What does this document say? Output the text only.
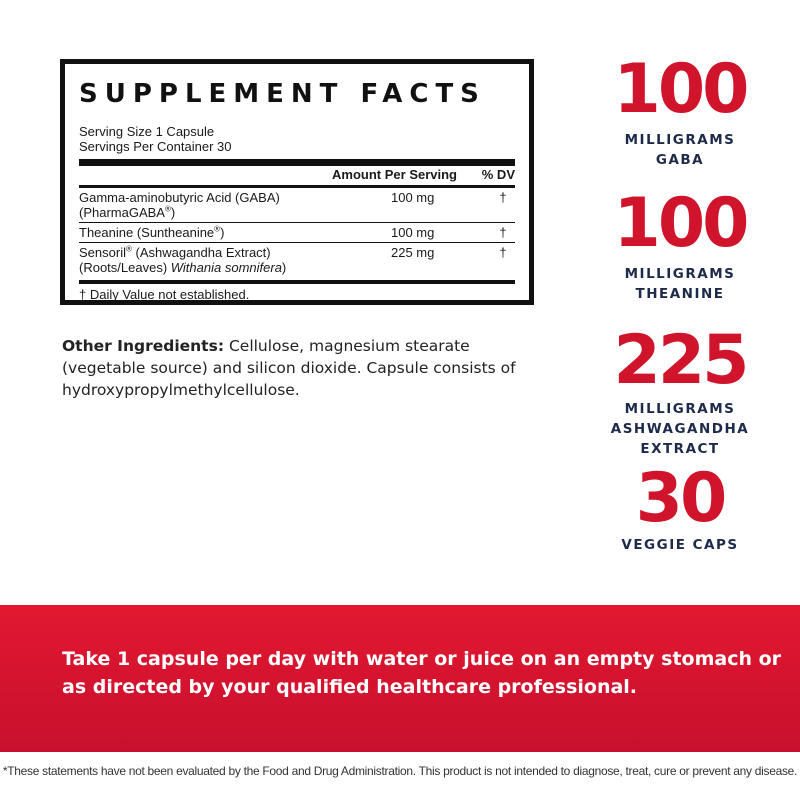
SUPPLEMENT FACTS
Serving Size 1 Capsule
Servings Per Container 30
Amount Per Serving	% DV
Gamma-aminobutyric Acid (GABA)
(PharmaGABA®)
100 mg	†
Theanine (Suntheanine®)	100 mg	†
Sensoril® (Ashwagandha Extract)
(Roots/Leaves) Withania somnifera)
225 mg	†
† Daily Value not established.
Other Ingredients: Cellulose, magnesium stearate (vegetable source) and silicon dioxide. Capsule consists of hydroxypropylmethylcellulose.
100
MILLIGRAMS
GABA
100
MILLIGRAMS
THEANINE
225
MILLIGRAMS
ASHWAGANDHA
EXTRACT
30
VEGGIE CAPS
Take 1 capsule per day with water or juice on an empty stomach or as directed by your qualified healthcare professional.
*These statements have not been evaluated by the Food and Drug Administration. This product is not intended to diagnose, treat, cure or prevent any disease.
